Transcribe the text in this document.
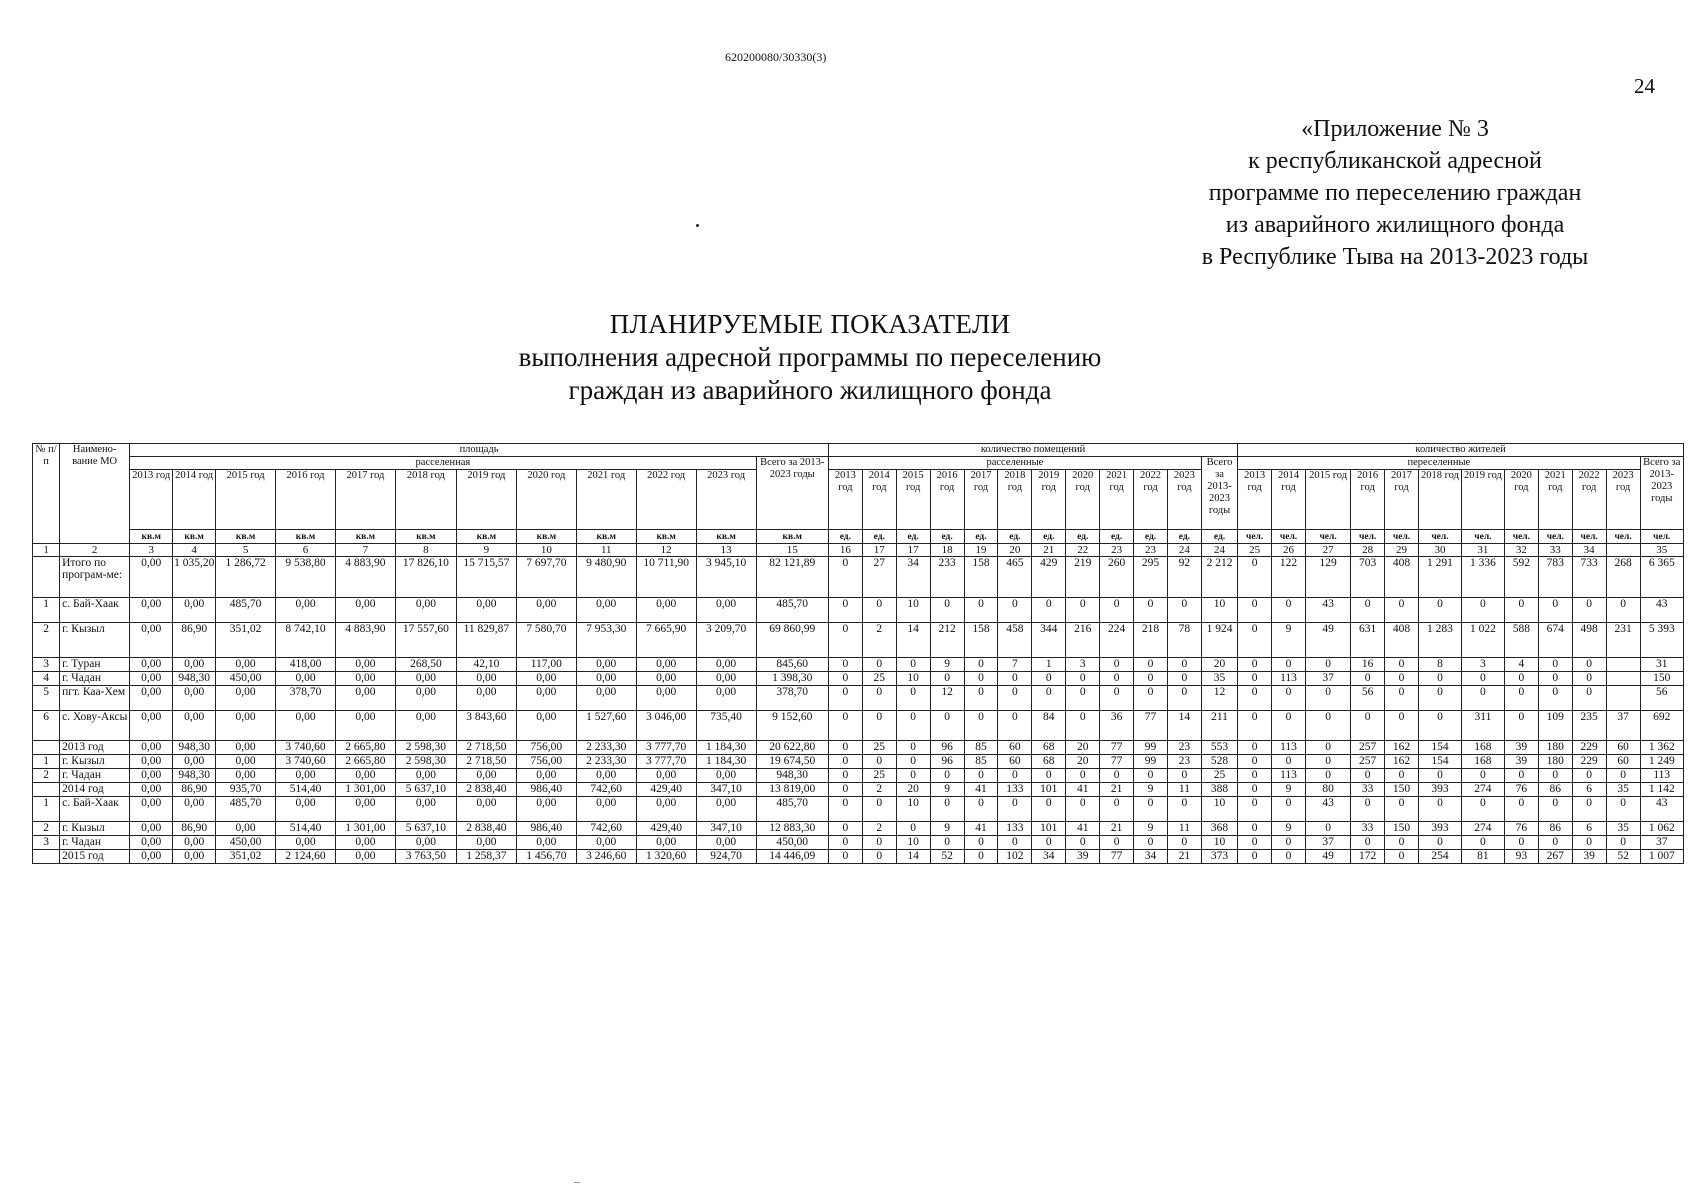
620200080/30330(3)
24
«Приложение № 3
к республиканской адресной
программе по переселению граждан
из аварийного жилищного фонда
в Республике Тыва на 2013-2023 годы
ПЛАНИРУЕМЫЕ ПОКАЗАТЕЛИ
выполнения адресной программы по переселению
граждан из аварийного жилищного фонда
№ п/п	Наимено-вание МО	площадь												количество помещений												количество жителей											
		расселенная											Всего за 2013-2023 годы	расселенные											Всего за 2013-2023 годы	переселенные											Всего за 2013-2023 годы
		2013 год	2014 год	2015 год	2016 год	2017 год	2018 год	2019 год	2020 год	2021 год	2022 год	2023 год		2013 год	2014 год	2015 год	2016 год	2017 год	2018 год	2019 год	2020 год	2021 год	2022 год	2023 год		2013 год	2014 год	2015 год	2016 год	2017 год	2018 год	2019 год	2020 год	2021 год	2022 год	2023 год	
		кв.м	кв.м	кв.м	кв.м	кв.м	кв.м	кв.м	кв.м	кв.м	кв.м	кв.м	кв.м	ед.	ед.	ед.	ед.	ед.	ед.	ед.	ед.	ед.	ед.	ед.	ед.	чел.	чел.	чел.	чел.	чел.	чел.	чел.	чел.	чел.	чел.	чел.	чел.
1	2	3	4	5	6	7	8	9	10	11	12	13	15	16	17	17	18	19	20	21	22	23	23	24	24	25	26	27	28	29	30	31	32	33	34		35
	Итого по програм-ме:	0,00	1 035,20	1 286,72	9 538,80	4 883,90	17 826,10	15 715,57	7 697,70	9 480,90	10 711,90	3 945,10	82 121,89	0	27	34	233	158	465	429	219	260	295	92	2 212	0	122	129	703	408	1 291	1 336	592	783	733	268	6 365
1	с. Бай-Хаак	0,00	0,00	485,70	0,00	0,00	0,00	0,00	0,00	0,00	0,00	0,00	485,70	0	0	10	0	0	0	0	0	0	0	0	10	0	0	43	0	0	0	0	0	0	0	0	43
2	г. Кызыл	0,00	86,90	351,02	8 742,10	4 883,90	17 557,60	11 829,87	7 580,70	7 953,30	7 665,90	3 209,70	69 860,99	0	2	14	212	158	458	344	216	224	218	78	1 924	0	9	49	631	408	1 283	1 022	588	674	498	231	5 393
3	г. Туран	0,00	0,00	0,00	418,00	0,00	268,50	42,10	117,00	0,00	0,00	0,00	845,60	0	0	0	9	0	7	1	3	0	0	0	20	0	0	0	16	0	8	3	4	0	0		31
4	г. Чадан	0,00	948,30	450,00	0,00	0,00	0,00	0,00	0,00	0,00	0,00	0,00	1 398,30	0	25	10	0	0	0	0	0	0	0	0	35	0	113	37	0	0	0	0	0	0	0		150
5	пгт. Каа-Хем	0,00	0,00	0,00	378,70	0,00	0,00	0,00	0,00	0,00	0,00	0,00	378,70	0	0	0	12	0	0	0	0	0	0	0	12	0	0	0	56	0	0	0	0	0	0		56
6	с. Хову-Аксы	0,00	0,00	0,00	0,00	0,00	0,00	3 843,60	0,00	1 527,60	3 046,00	735,40	9 152,60	0	0	0	0	0	0	84	0	36	77	14	211	0	0	0	0	0	0	311	0	109	235	37	692
	2013 год	0,00	948,30	0,00	3 740,60	2 665,80	2 598,30	2 718,50	756,00	2 233,30	3 777,70	1 184,30	20 622,80	0	25	0	96	85	60	68	20	77	99	23	553	0	113	0	257	162	154	168	39	180	229	60	1 362
1	г. Кызыл	0,00	0,00	0,00	3 740,60	2 665,80	2 598,30	2 718,50	756,00	2 233,30	3 777,70	1 184,30	19 674,50	0	0	0	96	85	60	68	20	77	99	23	528	0	0	0	257	162	154	168	39	180	229	60	1 249
2	г. Чадан	0,00	948,30	0,00	0,00	0,00	0,00	0,00	0,00	0,00	0,00	0,00	948,30	0	25	0	0	0	0	0	0	0	0	0	25	0	113	0	0	0	0	0	0	0	0	0	113
	2014 год	0,00	86,90	935,70	514,40	1 301,00	5 637,10	2 838,40	986,40	742,60	429,40	347,10	13 819,00	0	2	20	9	41	133	101	41	21	9	11	388	0	9	80	33	150	393	274	76	86	6	35	1 142
1	с. Бай-Хаак	0,00	0,00	485,70	0,00	0,00	0,00	0,00	0,00	0,00	0,00	0,00	485,70	0	0	10	0	0	0	0	0	0	0	0	10	0	0	43	0	0	0	0	0	0	0	0	43
2	г. Кызыл	0,00	86,90	0,00	514,40	1 301,00	5 637,10	2 838,40	986,40	742,60	429,40	347,10	12 883,30	0	2	0	9	41	133	101	41	21	9	11	368	0	9	0	33	150	393	274	76	86	6	35	1 062
3	г. Чадан	0,00	0,00	450,00	0,00	0,00	0,00	0,00	0,00	0,00	0,00	0,00	450,00	0	0	10	0	0	0	0	0	0	0	0	10	0	0	37	0	0	0	0	0	0	0	0	37
	2015 год	0,00	0,00	351,02	2 124,60	0,00	3 763,50	1 258,37	1 456,70	3 246,60	1 320,60	924,70	14 446,09	0	0	14	52	0	102	34	39	77	34	21	373	0	0	49	172	0	254	81	93	267	39	52	1 007
